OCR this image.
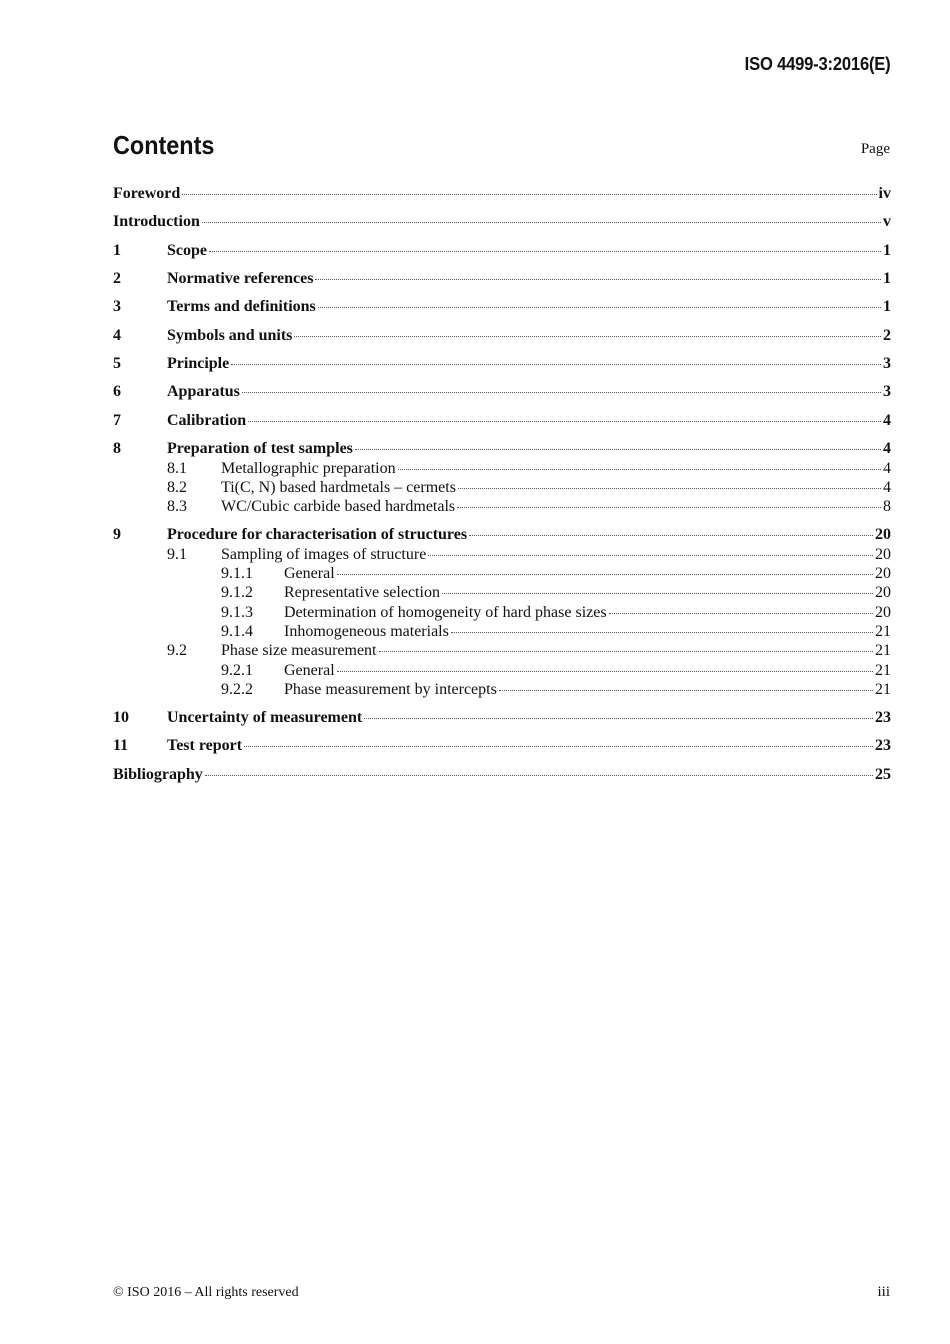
ISO 4499-3:2016(E)
Contents	Page
Foreword	iv
Introduction	v
1	Scope	1
2	Normative references	1
3	Terms and definitions	1
4	Symbols and units	2
5	Principle	3
6	Apparatus	3
7	Calibration	4
8	Preparation of test samples	4
8.1	Metallographic preparation	4
8.2	Ti(C, N) based hardmetals – cermets	4
8.3	WC/Cubic carbide based hardmetals	8
9	Procedure for characterisation of structures	20
9.1	Sampling of images of structure	20
9.1.1	General	20
9.1.2	Representative selection	20
9.1.3	Determination of homogeneity of hard phase sizes	20
9.1.4	Inhomogeneous materials	21
9.2	Phase size measurement	21
9.2.1	General	21
9.2.2	Phase measurement by intercepts	21
10	Uncertainty of measurement	23
11	Test report	23
Bibliography	25
© ISO 2016 – All rights reserved	iii
